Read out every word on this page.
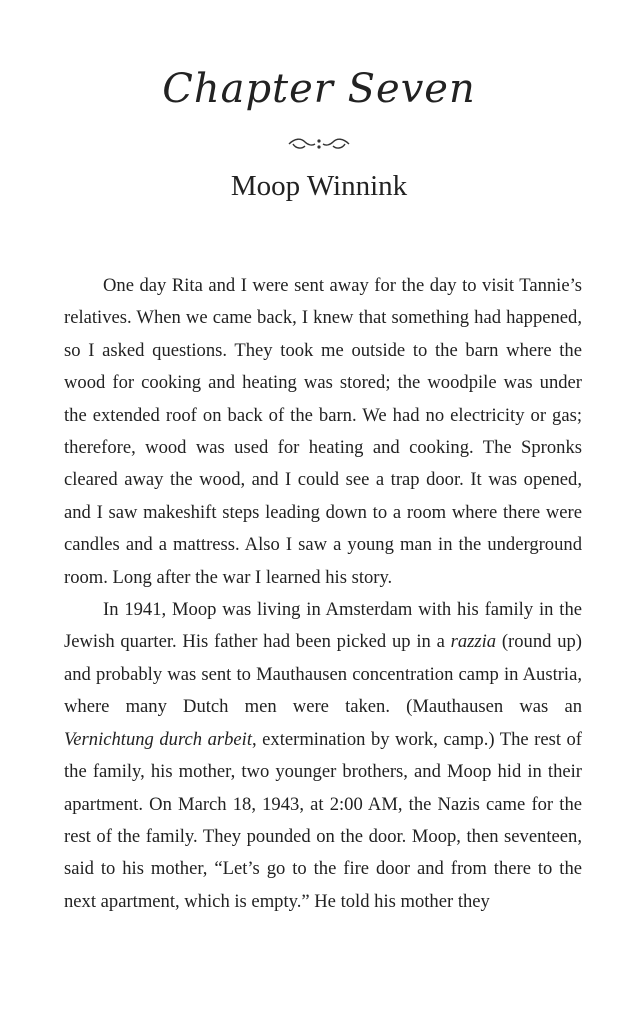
Chapter Seven
Moop Winnink

One day Rita and I were sent away for the day to visit Tannie’s relatives. When we came back, I knew that something had happened, so I asked questions. They took me outside to the barn where the wood for cooking and heating was stored; the woodpile was under the extended roof on back of the barn. We had no electricity or gas; therefore, wood was used for heating and cooking. The Spronks cleared away the wood, and I could see a trap door. It was opened, and I saw makeshift steps leading down to a room where there were candles and a mattress. Also I saw a young man in the underground room. Long after the war I learned his story.

In 1941, Moop was living in Amsterdam with his family in the Jewish quarter. His father had been picked up in a razzia (round up) and probably was sent to Mauthausen concentration camp in Austria, where many Dutch men were taken. (Mauthausen was an Vernichtung durch arbeit, extermination by work, camp.) The rest of the family, his mother, two younger brothers, and Moop hid in their apartment. On March 18, 1943, at 2:00 AM, the Nazis came for the rest of the family. They pounded on the door. Moop, then seventeen, said to his mother, “Let’s go to the fire door and from there to the next apartment, which is empty.” He told his mother they
